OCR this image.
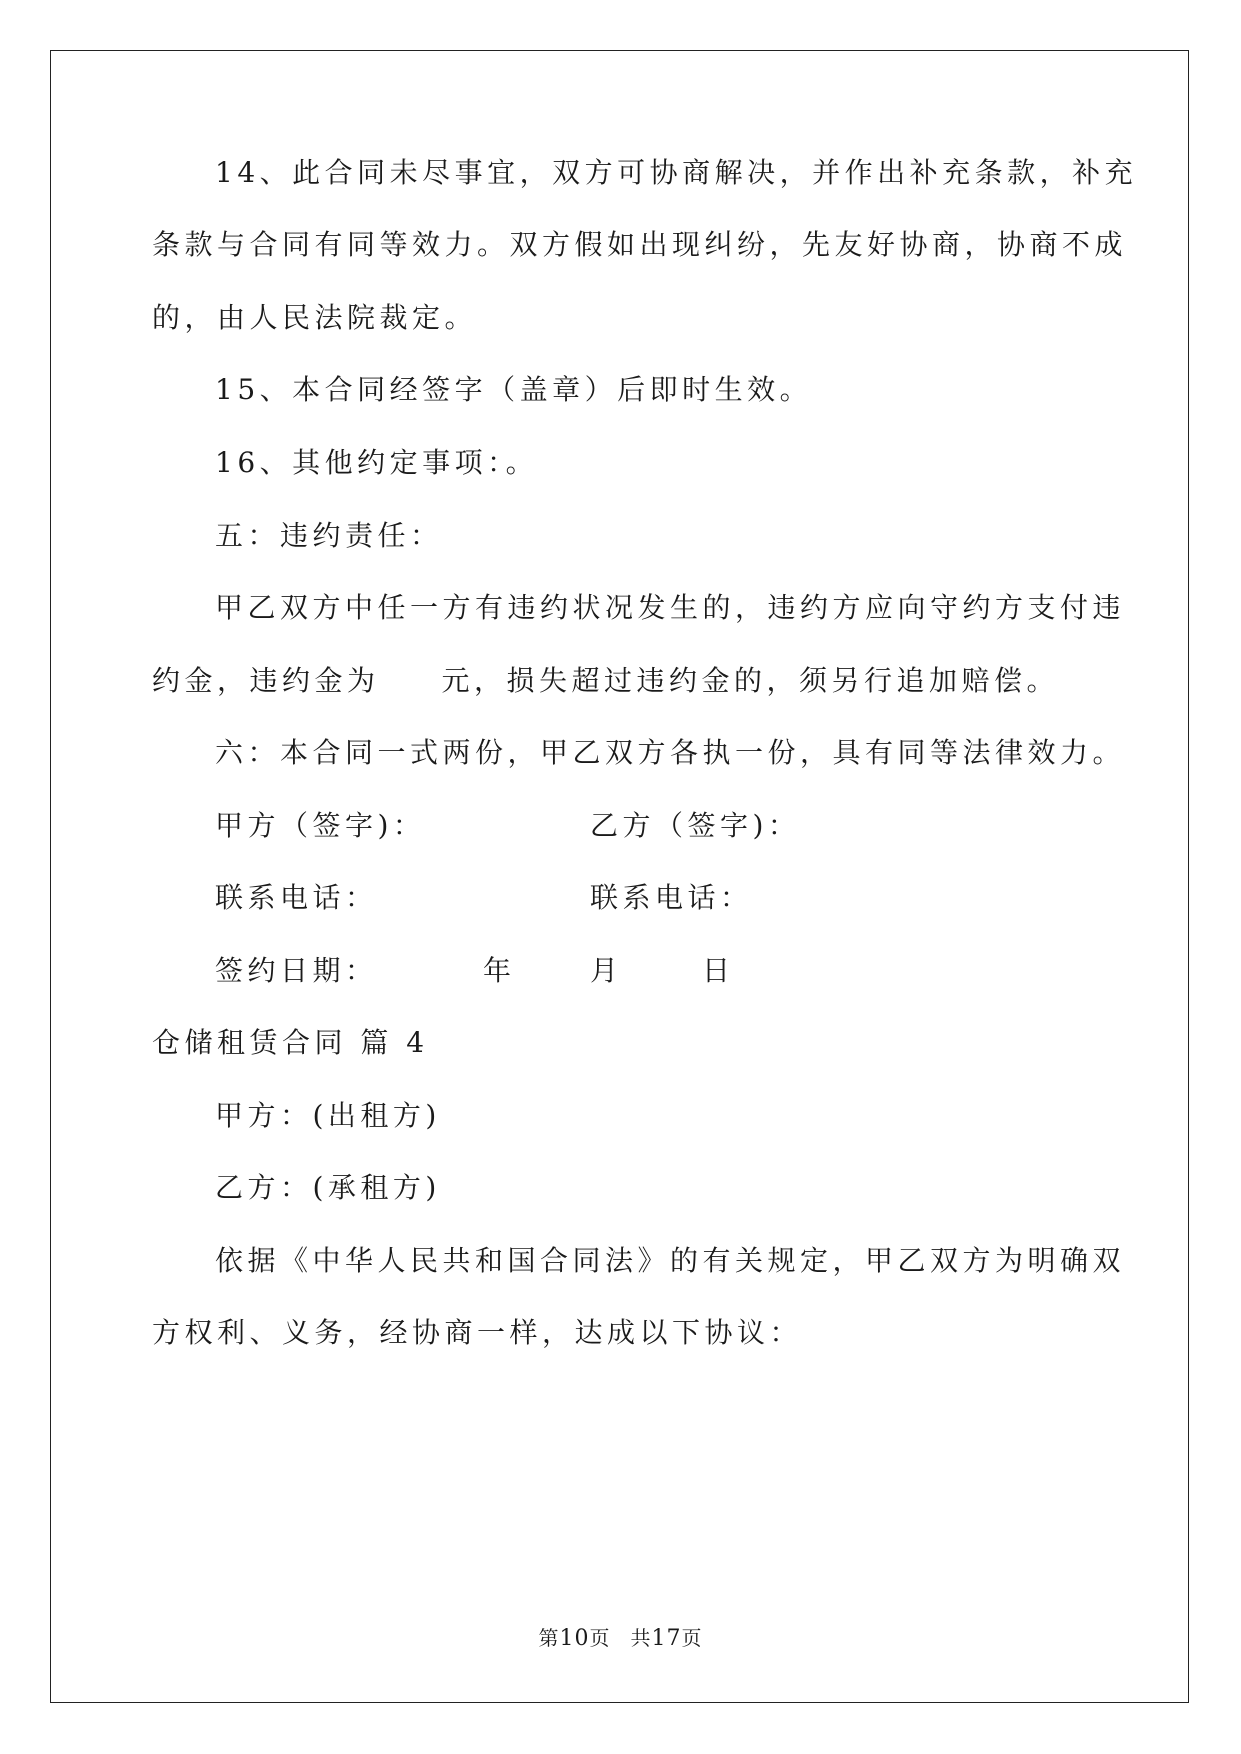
14、此合同未尽事宜，双方可协商解决，并作出补充条款，补充
条款与合同有同等效力。双方假如出现纠纷，先友好协商，协商不成
的，由人民法院裁定。
15、本合同经签字（盖章）后即时生效。
16、其他约定事项：。
五：违约责任：
甲乙双方中任一方有违约状况发生的，违约方应向守约方支付违
约金，违约金为 元，损失超过违约金的，须另行追加赔偿。
六：本合同一式两份，甲乙双方各执一份，具有同等法律效力。
甲方（签字)：	乙方（签字)：
联系电话：	联系电话：
签约日期：	年	月	日
仓储租赁合同 篇 4
甲方：(出租方)
乙方：(承租方)
依据《中华人民共和国合同法》的有关规定，甲乙双方为明确双
方权利、义务，经协商一样，达成以下协议：
第10页 共17页
